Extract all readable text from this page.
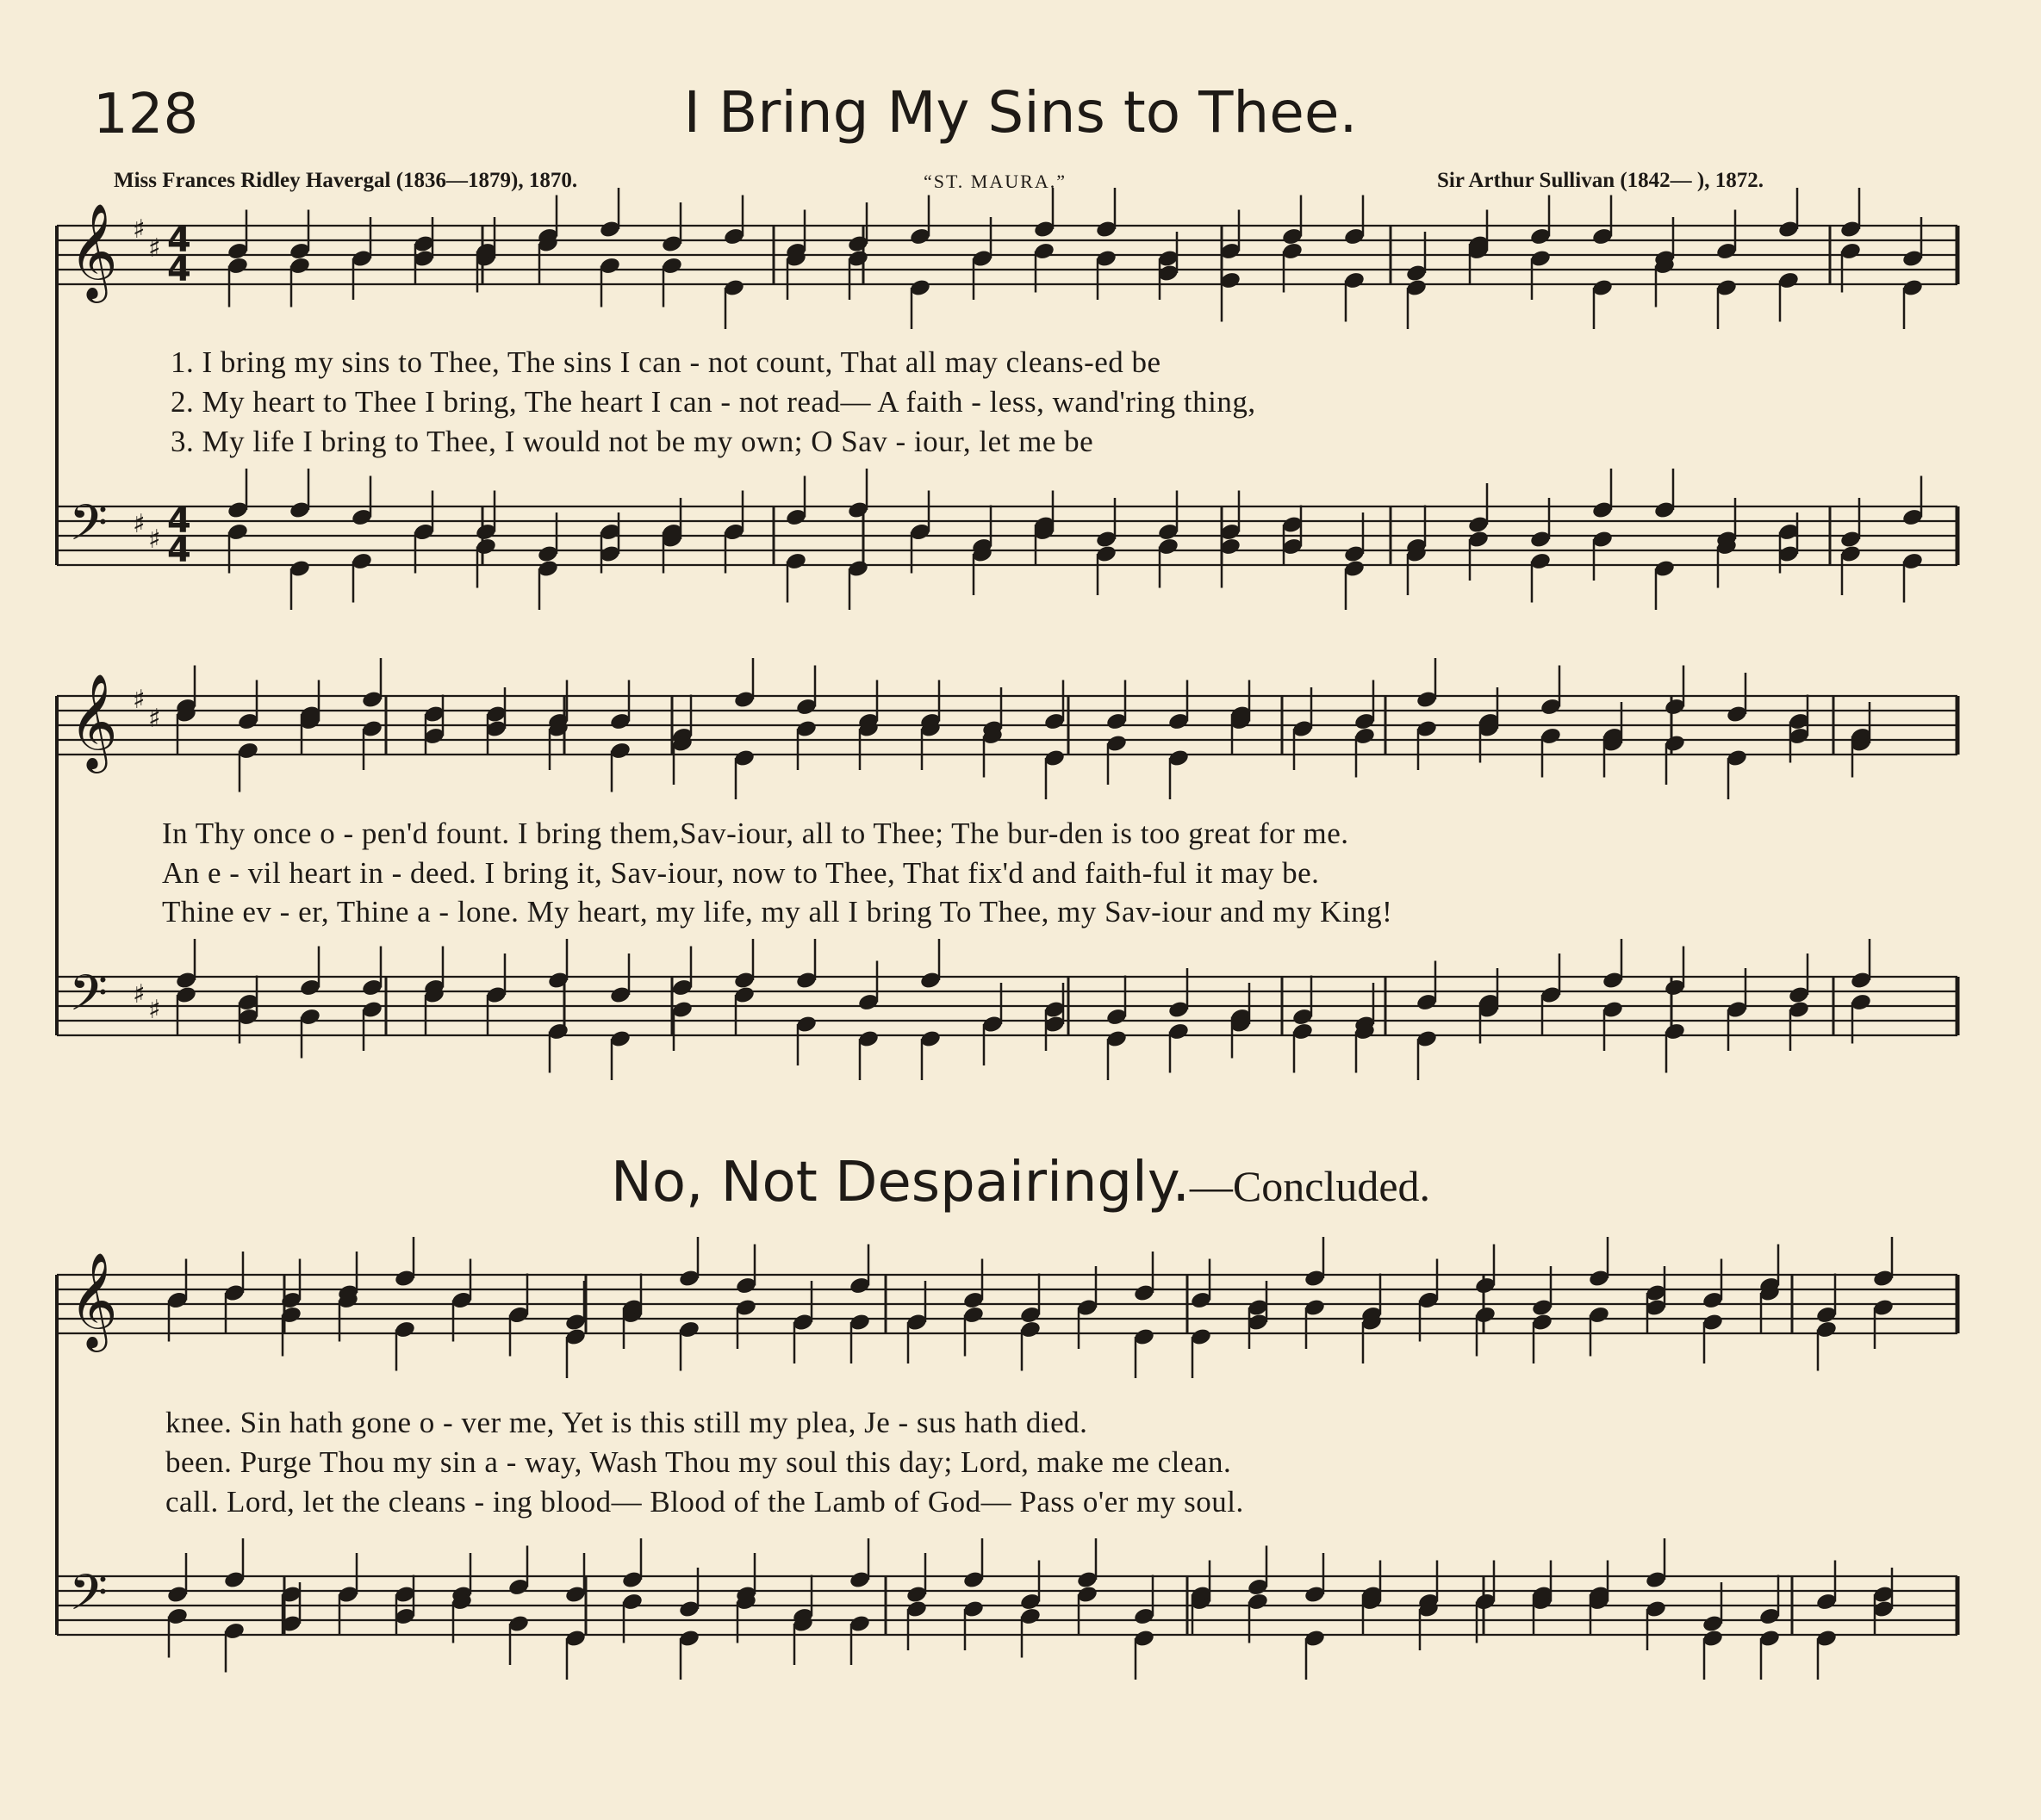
128	I Bring My Sins to Thee.
Miss Frances Ridley Havergal (1836—1879), 1870.	“ST. MAURA.”	Sir Arthur Sullivan (1842— ), 1872.
𝄞
𝄢
𝄞
𝄢
𝄞
𝄢
♯
♯
♯
♯
♯
♯
♯
♯
4
4
4
4
1. I bring my sins to Thee, The sins I can - not count, That all may cleans-ed be
2. My heart to Thee I bring, The heart I can - not read— A faith - less, wand'ring thing,
3. My life I bring to Thee, I would not be my own; O Sav - iour, let me be
In Thy once o - pen'd fount. I bring them,Sav-iour, all to Thee; The bur-den is too great for me.
An e - vil heart in - deed. I bring it, Sav-iour, now to Thee, That fix'd and faith-ful it may be.
Thine ev - er, Thine a - lone. My heart, my life, my all I bring To Thee, my Sav-iour and my King!
No, Not Despairingly.—Concluded.
knee. Sin hath gone o - ver me, Yet is this still my plea, Je - sus hath died.
been. Purge Thou my sin a - way, Wash Thou my soul this day; Lord, make me clean.
call. Lord, let the cleans - ing blood— Blood of the Lamb of God— Pass o'er my soul.
